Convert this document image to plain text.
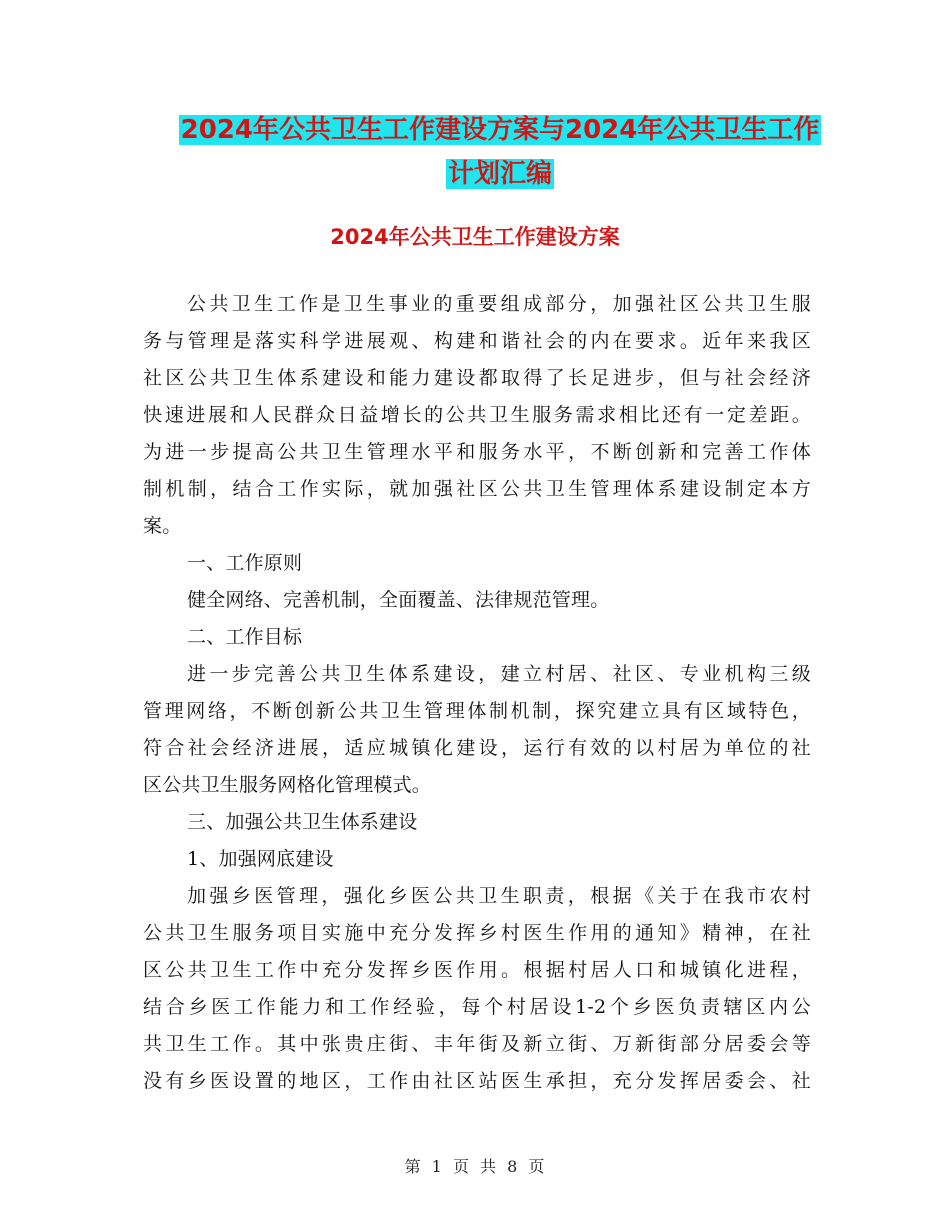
2024年公共卫生工作建设方案与2024年公共卫生工作
计划汇编
2024年公共卫生工作建设方案
公共卫生工作是卫生事业的重要组成部分，加强社区公共卫生服
务与管理是落实科学进展观、构建和谐社会的内在要求。近年来我区
社区公共卫生体系建设和能力建设都取得了长足进步，但与社会经济
快速进展和人民群众日益增长的公共卫生服务需求相比还有一定差距。
为进一步提高公共卫生管理水平和服务水平，不断创新和完善工作体
制机制，结合工作实际，就加强社区公共卫生管理体系建设制定本方
案。
一、工作原则
健全网络、完善机制，全面覆盖、法律规范管理。
二、工作目标
进一步完善公共卫生体系建设，建立村居、社区、专业机构三级
管理网络，不断创新公共卫生管理体制机制，探究建立具有区域特色，
符合社会经济进展，适应城镇化建设，运行有效的以村居为单位的社
区公共卫生服务网格化管理模式。
三、加强公共卫生体系建设
1、加强网底建设
加强乡医管理，强化乡医公共卫生职责，根据《关于在我市农村
公共卫生服务项目实施中充分发挥乡村医生作用的通知》精神，在社
区公共卫生工作中充分发挥乡医作用。根据村居人口和城镇化进程，
结合乡医工作能力和工作经验，每个村居设1-2个乡医负责辖区内公
共卫生工作。其中张贵庄街、丰年街及新立街、万新街部分居委会等
没有乡医设置的地区，工作由社区站医生承担，充分发挥居委会、社
第 1 页 共 8 页
